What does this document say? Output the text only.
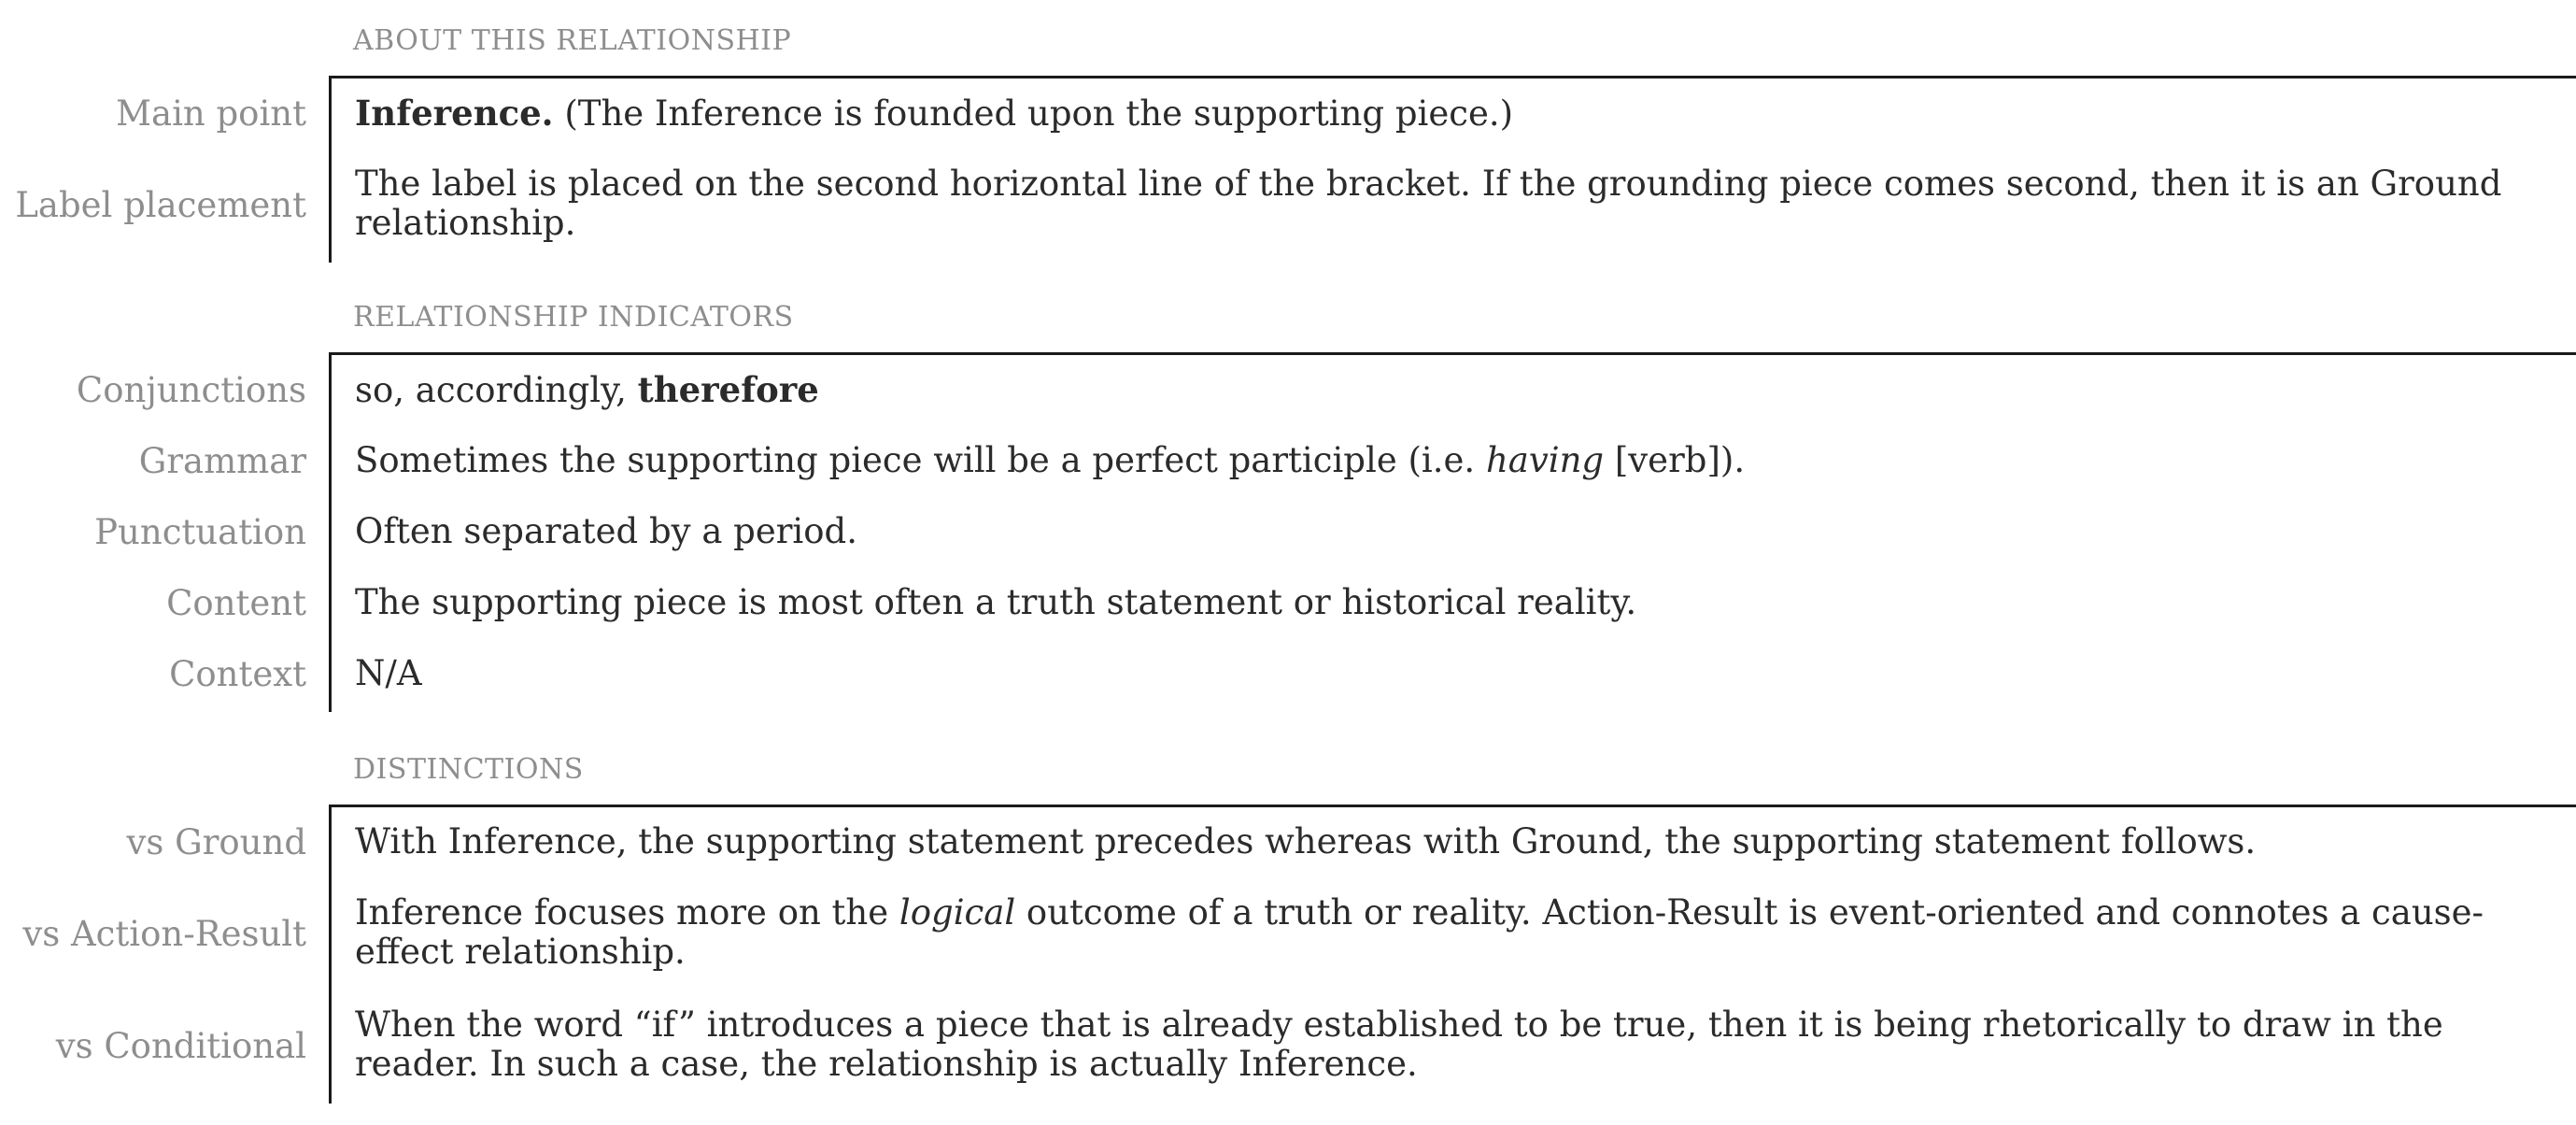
ABOUT THIS RELATIONSHIP
Main point Inference. (The Inference is founded upon the supporting piece.)
Label placement
The label is placed on the second horizontal line of the bracket. If the grounding piece comes second, then it is an Ground relationship.
RELATIONSHIP INDICATORS
Conjunctions so, accordingly, therefore
Grammar Sometimes the supporting piece will be a perfect participle (i.e. having [verb]).
Punctuation Often separated by a period.
Content The supporting piece is most often a truth statement or historical reality.
Context N/A
DISTINCTIONS
vs Ground With Inference, the supporting statement precedes whereas with Ground, the supporting statement follows.
vs Action-Result
Inference focuses more on the logical outcome of a truth or reality. Action-Result is event-oriented and connotes a cause-effect relationship.
vs Conditional
When the word “if” introduces a piece that is already established to be true, then it is being rhetorically to draw in the reader. In such a case, the relationship is actually Inference.
